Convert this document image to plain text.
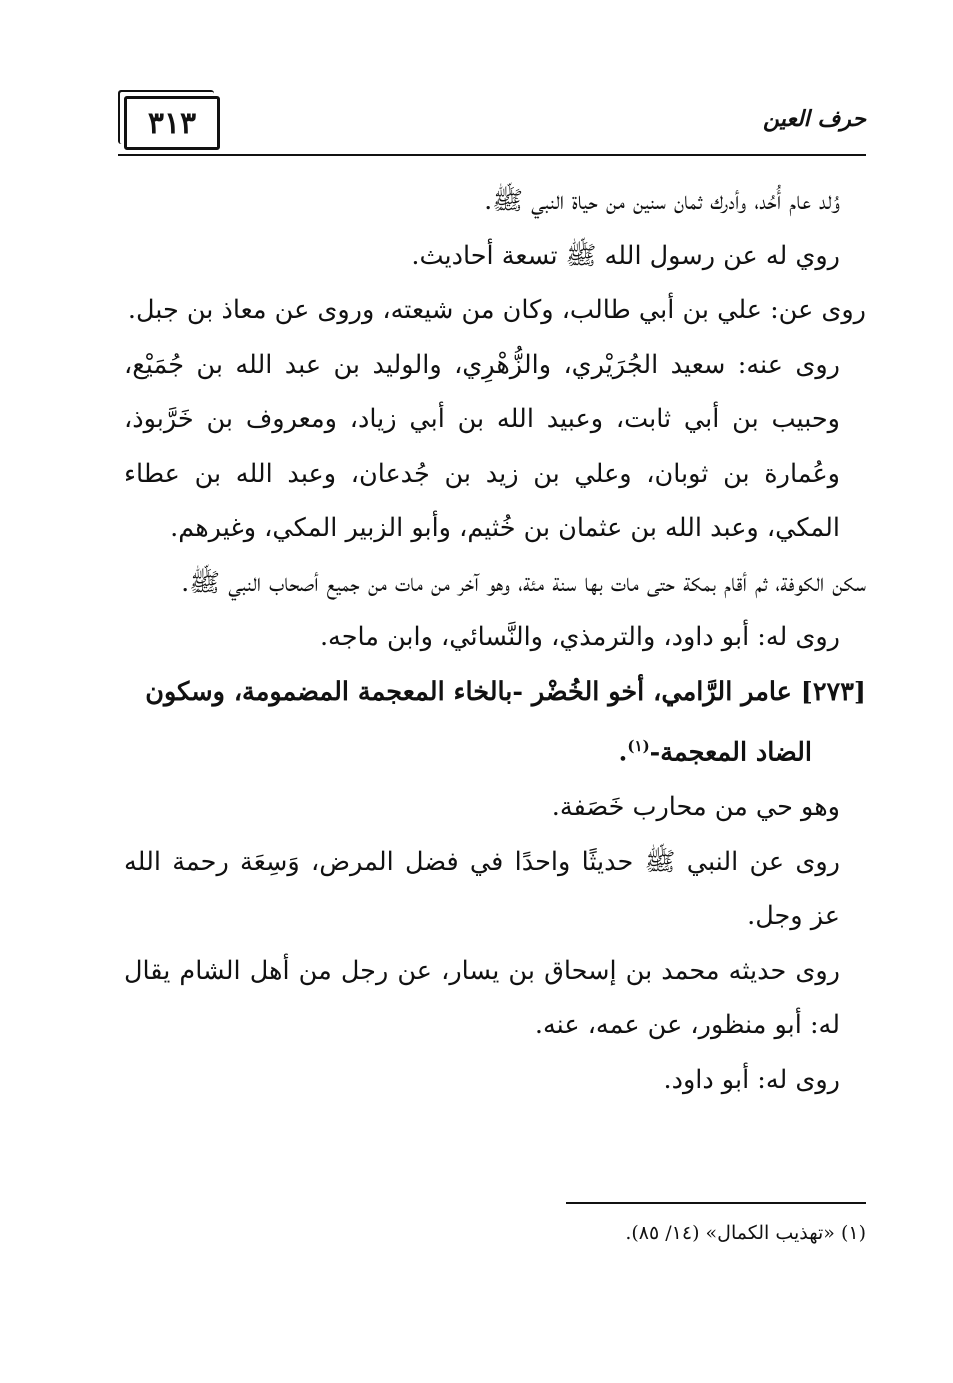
٣١٣	حرف العين

وُلد عام أُحُد، وأدرك ثمان سنين من حياة النبي ﷺ.

روي له عن رسول الله ﷺ تسعة أحاديث.

روى عن: علي بن أبي طالب، وكان من شيعته، وروى عن معاذ بن جبل.

روى عنه: سعيد الجُرَيْري، والزُّهْرِي، والوليد بن عبد الله بن جُمَيْع، وحبيب بن أبي ثابت، وعبيد الله بن أبي زياد، ومعروف بن خَرَّبوذ، وعُمارة بن ثوبان، وعلي بن زيد بن جُدعان، وعبد الله بن عطاء المكي، وعبد الله بن عثمان بن خُثيم، وأبو الزبير المكي، وغيرهم.

سكن الكوفة، ثم أقام بمكة حتى مات بها سنة مئة، وهو آخر من مات من جميع أصحاب النبي ﷺ.

روى له: أبو داود، والترمذي، والنَّسائي، وابن ماجه.

[٢٧٣] عامر الرَّامي، أخو الخُضْر -بالخاء المعجمة المضمومة، وسكون

الضاد المعجمة-$^{(١)}$.

وهو حي من محارب خَصَفة.

روى عن النبي ﷺ حديثًا واحدًا في فضل المرض، وَسِعَة رحمة الله عز وجل.

روى حديثه محمد بن إسحاق بن يسار، عن رجل من أهل الشام يقال له: أبو منظور، عن عمه، عنه.

روى له: أبو داود.

(١) «تهذيب الكمال» (١٤/ ٨٥).
